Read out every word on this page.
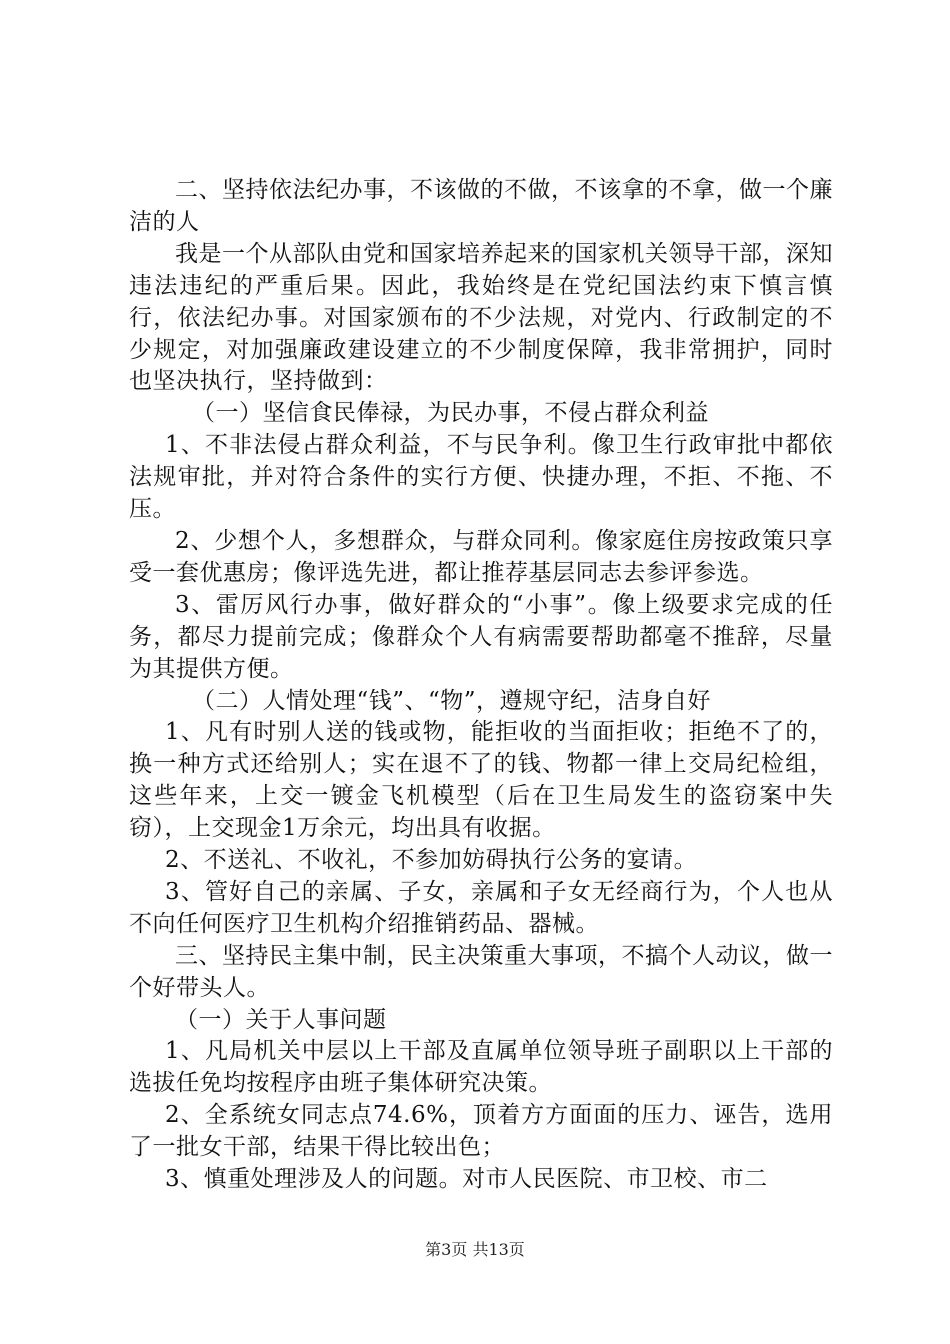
二、坚持依法纪办事，不该做的不做，不该拿的不拿，做一个廉洁的人

我是一个从部队由党和国家培养起来的国家机关领导干部，深知违法违纪的严重后果。因此，我始终是在党纪国法约束下慎言慎行，依法纪办事。对国家颁布的不少法规，对党内、行政制定的不少规定，对加强廉政建设建立的不少制度保障，我非常拥护，同时也坚决执行，坚持做到：

（一）坚信食民俸禄，为民办事，不侵占群众利益

1、不非法侵占群众利益，不与民争利。像卫生行政审批中都依法规审批，并对符合条件的实行方便、快捷办理，不拒、不拖、不压。

2、少想个人，多想群众，与群众同利。像家庭住房按政策只享受一套优惠房；像评选先进，都让推荐基层同志去参评参选。

3、雷厉风行办事，做好群众的“小事”。像上级要求完成的任务，都尽力提前完成；像群众个人有病需要帮助都毫不推辞，尽量为其提供方便。

（二）人情处理“钱”、“物”，遵规守纪，洁身自好

1、凡有时别人送的钱或物，能拒收的当面拒收；拒绝不了的，换一种方式还给别人；实在退不了的钱、物都一律上交局纪检组，这些年来，上交一镀金飞机模型（后在卫生局发生的盗窃案中失窃），上交现金1万余元，均出具有收据。

2、不送礼、不收礼，不参加妨碍执行公务的宴请。

3、管好自己的亲属、子女，亲属和子女无经商行为，个人也从不向任何医疗卫生机构介绍推销药品、器械。

三、坚持民主集中制，民主决策重大事项，不搞个人动议，做一个好带头人。

（一）关于人事问题

1、凡局机关中层以上干部及直属单位领导班子副职以上干部的选拔任免均按程序由班子集体研究决策。

2、全系统女同志点74.6%，顶着方方面面的压力、诬告，选用了一批女干部，结果干得比较出色；

3、慎重处理涉及人的问题。对市人民医院、市卫校、市二

第3页 共13页
